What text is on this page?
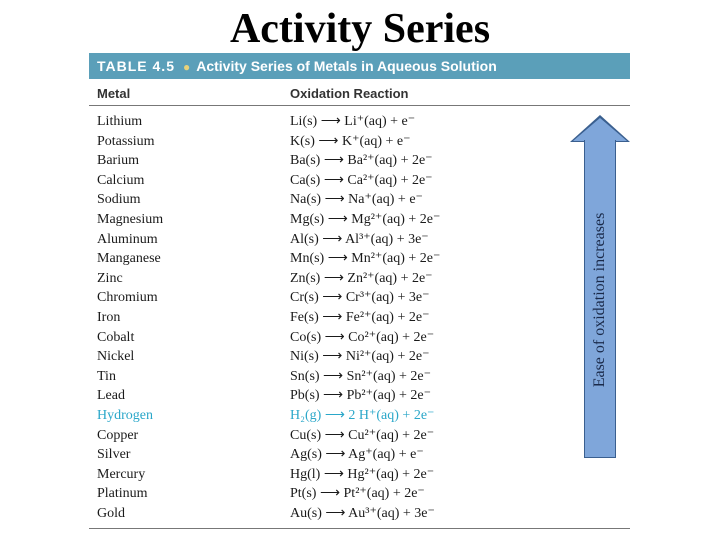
Activity Series
TABLE 4.5 ● Activity Series of Metals in Aqueous Solution
Metal	Oxidation Reaction
Lithium	Li(s) ⟶ Li⁺(aq) + e⁻
Potassium	K(s) ⟶ K⁺(aq) + e⁻
Barium	Ba(s) ⟶ Ba²⁺(aq) + 2e⁻
Calcium	Ca(s) ⟶ Ca²⁺(aq) + 2e⁻
Sodium	Na(s) ⟶ Na⁺(aq) + e⁻
Magnesium	Mg(s) ⟶ Mg²⁺(aq) + 2e⁻
Aluminum	Al(s) ⟶ Al³⁺(aq) + 3e⁻
Manganese	Mn(s) ⟶ Mn²⁺(aq) + 2e⁻
Zinc	Zn(s) ⟶ Zn²⁺(aq) + 2e⁻
Chromium	Cr(s) ⟶ Cr³⁺(aq) + 3e⁻
Iron	Fe(s) ⟶ Fe²⁺(aq) + 2e⁻
Cobalt	Co(s) ⟶ Co²⁺(aq) + 2e⁻
Nickel	Ni(s) ⟶ Ni²⁺(aq) + 2e⁻
Tin	Sn(s) ⟶ Sn²⁺(aq) + 2e⁻
Lead	Pb(s) ⟶ Pb²⁺(aq) + 2e⁻
Hydrogen	H₂(g) ⟶ 2 H⁺(aq) + 2e⁻
Copper	Cu(s) ⟶ Cu²⁺(aq) + 2e⁻
Silver	Ag(s) ⟶ Ag⁺(aq) + e⁻
Mercury	Hg(l) ⟶ Hg²⁺(aq) + 2e⁻
Platinum	Pt(s) ⟶ Pt²⁺(aq) + 2e⁻
Gold	Au(s) ⟶ Au³⁺(aq) + 3e⁻
Ease of oxidation increases
